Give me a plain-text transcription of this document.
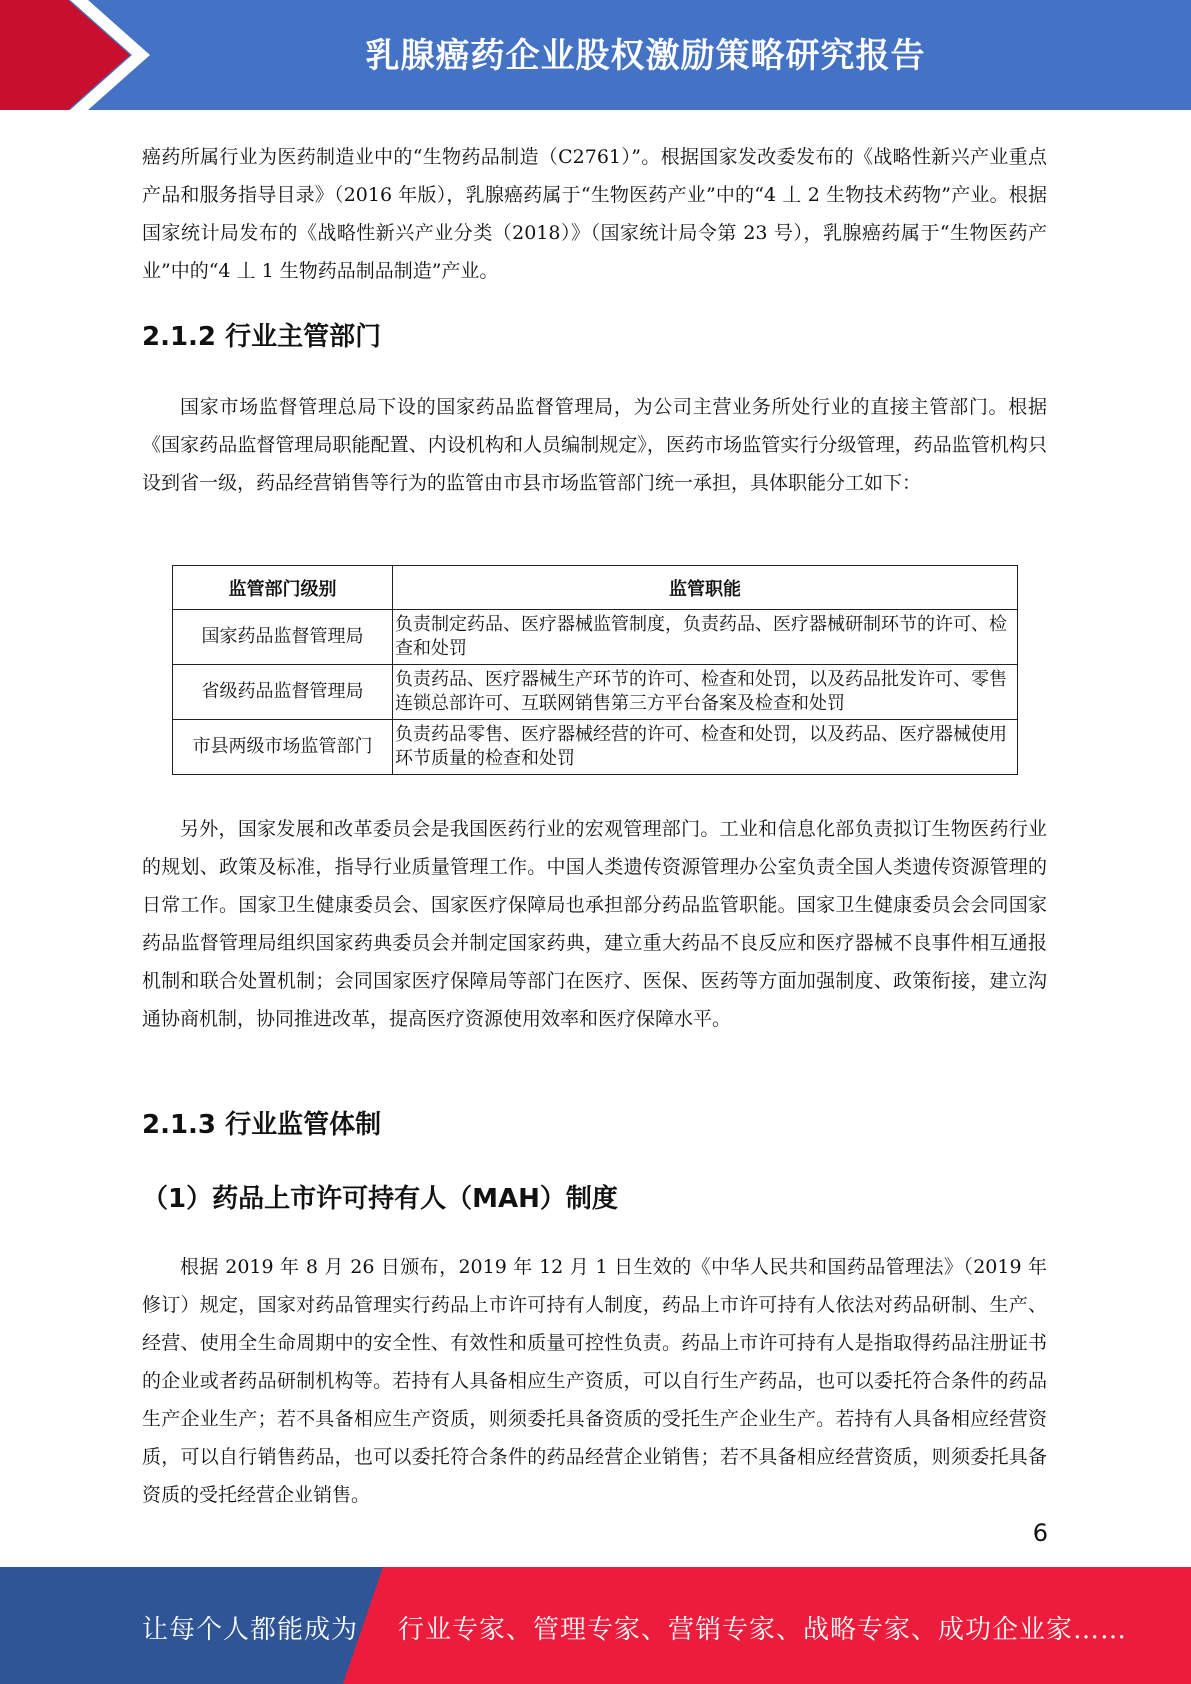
乳腺癌药企业股权激励策略研究报告

癌药所属行业为医药制造业中的“生物药品制造（C2761）”。根据国家发改委发布的《战略性新兴产业重点产品和服务指导目录》（2016 年版），乳腺癌药属于“生物医药产业”中的“4 丄 2 生物技术药物”产业。根据国家统计局发布的《战略性新兴产业分类（2018）》（国家统计局令第 23 号），乳腺癌药属于“生物医药产业”中的“4 丄 1 生物药品制品制造”产业。

2.1.2 行业主管部门

国家市场监督管理总局下设的国家药品监督管理局，为公司主营业务所处行业的直接主管部门。根据《国家药品监督管理局职能配置、内设机构和人员编制规定》，医药市场监管实行分级管理，药品监管机构只设到省一级，药品经营销售等行为的监管由市县市场监管部门统一承担，具体职能分工如下：

监管部门级别	监管职能
国家药品监督管理局	负责制定药品、医疗器械监管制度，负责药品、医疗器械研制环节的许可、检查和处罚
省级药品监督管理局	负责药品、医疗器械生产环节的许可、检查和处罚，以及药品批发许可、零售连锁总部许可、互联网销售第三方平台备案及检查和处罚
市县两级市场监管部门	负责药品零售、医疗器械经营的许可、检查和处罚，以及药品、医疗器械使用环节质量的检查和处罚

另外，国家发展和改革委员会是我国医药行业的宏观管理部门。工业和信息化部负责拟订生物医药行业的规划、政策及标准，指导行业质量管理工作。中国人类遗传资源管理办公室负责全国人类遗传资源管理的日常工作。国家卫生健康委员会、国家医疗保障局也承担部分药品监管职能。国家卫生健康委员会会同国家药品监督管理局组织国家药典委员会并制定国家药典，建立重大药品不良反应和医疗器械不良事件相互通报机制和联合处置机制；会同国家医疗保障局等部门在医疗、医保、医药等方面加强制度、政策衔接，建立沟通协商机制，协同推进改革，提高医疗资源使用效率和医疗保障水平。

2.1.3 行业监管体制
（1）药品上市许可持有人（MAH）制度

根据 2019 年 8 月 26 日颁布，2019 年 12 月 1 日生效的《中华人民共和国药品管理法》（2019 年修订）规定，国家对药品管理实行药品上市许可持有人制度，药品上市许可持有人依法对药品研制、生产、经营、使用全生命周期中的安全性、有效性和质量可控性负责。药品上市许可持有人是指取得药品注册证书的企业或者药品研制机构等。若持有人具备相应生产资质，可以自行生产药品，也可以委托符合条件的药品生产企业生产；若不具备相应生产资质，则须委托具备资质的受托生产企业生产。若持有人具备相应经营资质，可以自行销售药品，也可以委托符合条件的药品经营企业销售；若不具备相应经营资质，则须委托具备资质的受托经营企业销售。

6
让每个人都能成为 行业专家、管理专家、营销专家、战略专家、成功企业家……
